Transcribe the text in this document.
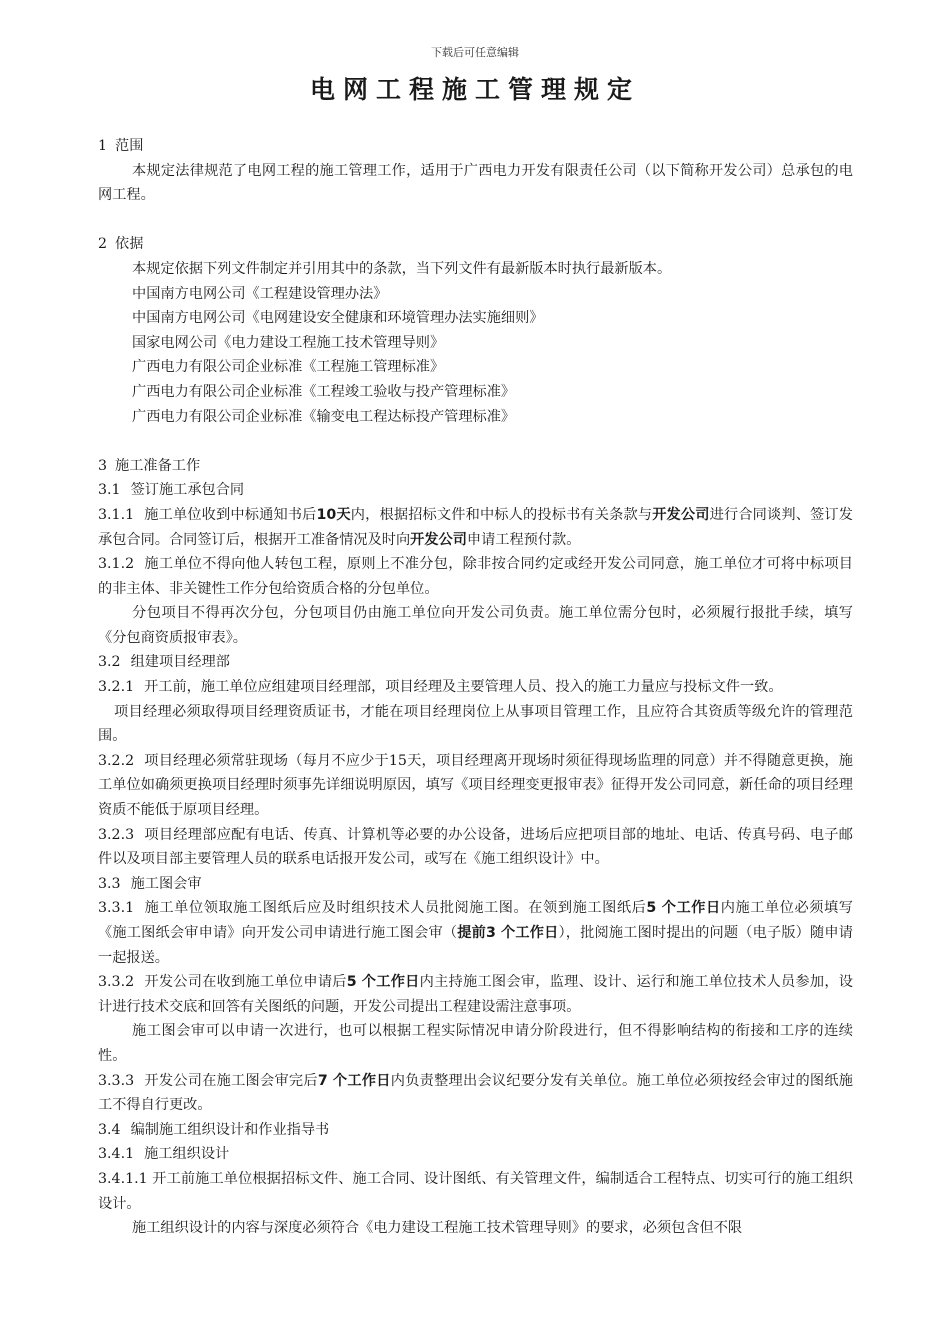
下载后可任意编辑
电网工程施工管理规定

1 范围

本规定法律规范了电网工程的施工管理工作，适用于广西电力开发有限责任公司（以下简称开发公司）总承包的电网工程。

2 依据

本规定依据下列文件制定并引用其中的条款，当下列文件有最新版本时执行最新版本。

中国南方电网公司《工程建设管理办法》

中国南方电网公司《电网建设安全健康和环境管理办法实施细则》

国家电网公司《电力建设工程施工技术管理导则》

广西电力有限公司企业标准《工程施工管理标准》

广西电力有限公司企业标准《工程竣工验收与投产管理标准》

广西电力有限公司企业标准《输变电工程达标投产管理标准》

3 施工准备工作

3.1 签订施工承包合同

3.1.1 施工单位收到中标通知书后10天内，根据招标文件和中标人的投标书有关条款与开发公司进行合同谈判、签订发承包合同。合同签订后，根据开工准备情况及时向开发公司申请工程预付款。

3.1.2 施工单位不得向他人转包工程，原则上不准分包，除非按合同约定或经开发公司同意，施工单位才可将中标项目的非主体、非关键性工作分包给资质合格的分包单位。

分包项目不得再次分包，分包项目仍由施工单位向开发公司负责。施工单位需分包时，必须履行报批手续，填写《分包商资质报审表》。

3.2 组建项目经理部

3.2.1 开工前，施工单位应组建项目经理部，项目经理及主要管理人员、投入的施工力量应与投标文件一致。

项目经理必须取得项目经理资质证书，才能在项目经理岗位上从事项目管理工作，且应符合其资质等级允许的管理范围。

3.2.2 项目经理必须常驻现场（每月不应少于15天，项目经理离开现场时须征得现场监理的同意）并不得随意更换，施工单位如确须更换项目经理时须事先详细说明原因，填写《项目经理变更报审表》征得开发公司同意，新任命的项目经理资质不能低于原项目经理。

3.2.3 项目经理部应配有电话、传真、计算机等必要的办公设备，进场后应把项目部的地址、电话、传真号码、电子邮件以及项目部主要管理人员的联系电话报开发公司，或写在《施工组织设计》中。

3.3 施工图会审

3.3.1 施工单位领取施工图纸后应及时组织技术人员批阅施工图。在领到施工图纸后5 个工作日内施工单位必须填写《施工图纸会审申请》向开发公司申请进行施工图会审（提前3 个工作日），批阅施工图时提出的问题（电子版）随申请一起报送。

3.3.2 开发公司在收到施工单位申请后5 个工作日内主持施工图会审，监理、设计、运行和施工单位技术人员参加，设计进行技术交底和回答有关图纸的问题，开发公司提出工程建设需注意事项。

施工图会审可以申请一次进行，也可以根据工程实际情况申请分阶段进行，但不得影响结构的衔接和工序的连续性。

3.3.3 开发公司在施工图会审完后7 个工作日内负责整理出会议纪要分发有关单位。施工单位必须按经会审过的图纸施工不得自行更改。

3.4 编制施工组织设计和作业指导书

3.4.1 施工组织设计

3.4.1.1 开工前施工单位根据招标文件、施工合同、设计图纸、有关管理文件，编制适合工程特点、切实可行的施工组织设计。

施工组织设计的内容与深度必须符合《电力建设工程施工技术管理导则》的要求，必须包含但不限
